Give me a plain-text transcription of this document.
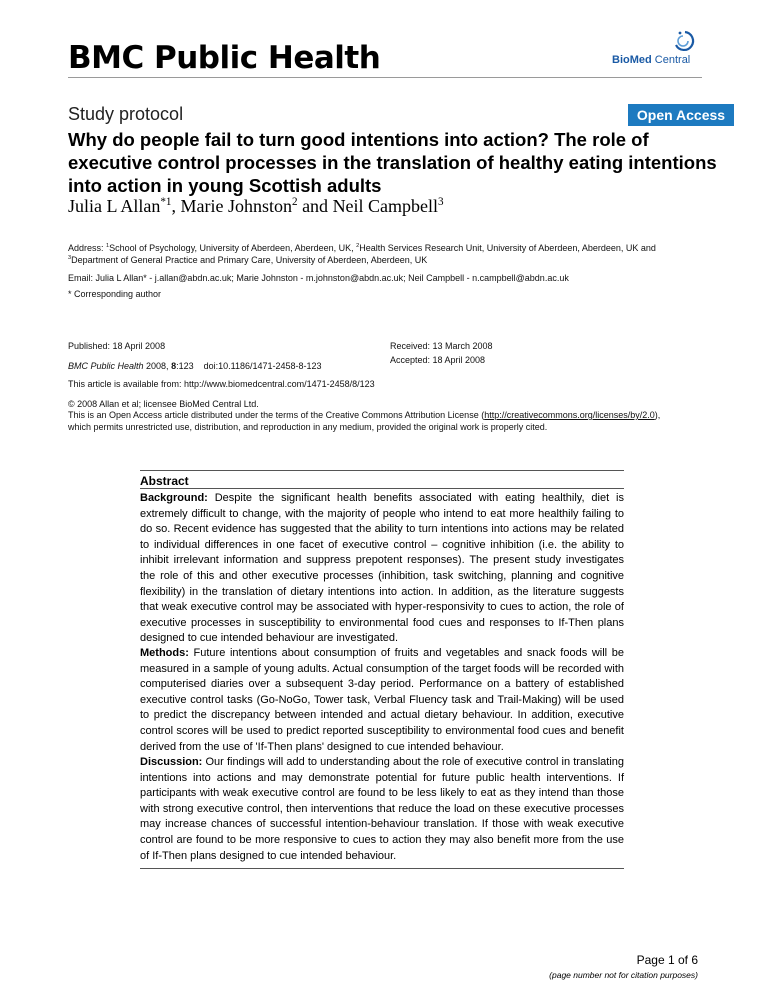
BMC Public Health	BioMed Central
Study protocol	Open Access
Why do people fail to turn good intentions into action? The role of executive control processes in the translation of healthy eating intentions into action in young Scottish adults
Julia L Allan$^{*1}$, Marie Johnston$^2$ and Neil Campbell$^3$
Address: $^1$School of Psychology, University of Aberdeen, Aberdeen, UK, $^2$Health Services Research Unit, University of Aberdeen, Aberdeen, UK and
$^3$Department of General Practice and Primary Care, University of Aberdeen, Aberdeen, UK
Email: Julia L Allan* - j.allan@abdn.ac.uk; Marie Johnston - m.johnston@abdn.ac.uk; Neil Campbell - n.campbell@abdn.ac.uk
* Corresponding author
Published: 18 April 2008
BMC Public Health 2008, 8:123 doi:10.1186/1471-2458-8-123
Received: 13 March 2008
Accepted: 18 April 2008
This article is available from: http://www.biomedcentral.com/1471-2458/8/123
© 2008 Allan et al; licensee BioMed Central Ltd.
This is an Open Access article distributed under the terms of the Creative Commons Attribution License (http://creativecommons.org/licenses/by/2.0),
which permits unrestricted use, distribution, and reproduction in any medium, provided the original work is properly cited.
Abstract
Background: Despite the significant health benefits associated with eating healthily, diet is extremely difficult to change, with the majority of people who intend to eat more healthily failing to do so. Recent evidence has suggested that the ability to turn intentions into actions may be related to individual differences in one facet of executive control – cognitive inhibition (i.e. the ability to inhibit irrelevant information and suppress prepotent responses). The present study investigates the role of this and other executive processes (inhibition, task switching, planning and cognitive flexibility) in the translation of dietary intentions into action. In addition, as the literature suggests that weak executive control may be associated with hyper-responsivity to cues to action, the role of executive processes in susceptibility to environmental food cues and responses to If-Then plans designed to cue intended behaviour are investigated.
Methods: Future intentions about consumption of fruits and vegetables and snack foods will be measured in a sample of young adults. Actual consumption of the target foods will be recorded with computerised diaries over a subsequent 3-day period. Performance on a battery of established executive control tasks (Go-NoGo, Tower task, Verbal Fluency task and Trail-Making) will be used to predict the discrepancy between intended and actual dietary behaviour. In addition, executive control scores will be used to predict reported susceptibility to environmental food cues and benefit derived from the use of 'If-Then plans' designed to cue intended behaviour.
Discussion: Our findings will add to understanding about the role of executive control in translating intentions into actions and may demonstrate potential for future public health interventions. If participants with weak executive control are found to be less likely to eat as they intend than those with strong executive control, then interventions that reduce the load on these executive processes may increase chances of successful intention-behaviour translation. If those with weak executive control are found to be more responsive to cues to action they may also benefit more from the use of If-Then plans designed to cue intended behaviour.
Page 1 of 6
(page number not for citation purposes)
